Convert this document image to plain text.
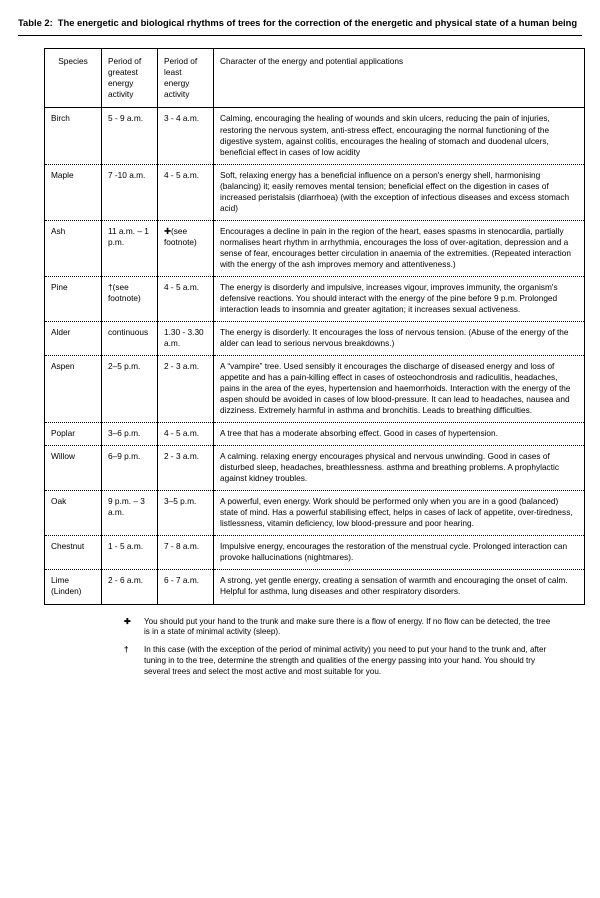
Table 2: The energetic and biological rhythms of trees for the correction of the energetic and physical state of a human being
Species	Period of greatest energy activity	Period of least energy activity	Character of the energy and potential applications
Birch	5 - 9 a.m.	3 - 4 a.m.	Calming, encouraging the healing of wounds and skin ulcers, reducing the pain of injuries, restoring the nervous system, anti-stress effect, encouraging the normal functioning of the digestive system, against colitis, encourages the healing of stomach and duodenal ulcers, beneficial effect in cases of low acidity
Maple	7 -10 a.m.	4 - 5 a.m.	Soft, relaxing energy has a beneficial influence on a person's energy shell, harmonising (balancing) it; easily removes mental tension; beneficial effect on the digestion in cases of increased peristalsis (diarrhoea) (with the exception of infectious diseases and excess stomach acid)
Ash	11 a.m. – 1 p.m.	✚(see footnote)	Encourages a decline in pain in the region of the heart, eases spasms in stenocardia, partially normalises heart rhythm in arrhythmia, encourages the loss of over-agitation, depression and a sense of fear, encourages better circulation in anaemia of the extremities. (Repeated interaction with the energy of the ash improves memory and attentiveness.)
Pine	†(see footnote)	4 - 5 a.m.	The energy is disorderly and impulsive, increases vigour, improves immunity, the organism's defensive reactions. You should interact with the energy of the pine before 9 p.m. Prolonged interaction leads to insomnia and greater agitation; it increases sexual activeness.
Alder	continuous	1.30 - 3.30 a.m.	The energy is disorderly. It encourages the loss of nervous tension. (Abuse of the energy of the alder can lead to serious nervous breakdowns.)
Aspen	2–5 p.m.	2 - 3 a.m.	A “vampire” tree. Used sensibly it encourages the discharge of diseased energy and loss of appetite and has a pain-killing effect in cases of osteochondrosis and radiculitis, headaches, pains in the area of the eyes, hypertension and haemorrhoids. Interaction with the energy of the aspen should be avoided in cases of low blood-pressure. It can lead to headaches, nausea and dizziness. Extremely harmful in asthma and bronchitis. Leads to breathing difficulties.
Poplar	3–6 p.m.	4 - 5 a.m.	A tree that has a moderate absorbing effect. Good in cases of hypertension.
Willow	6–9 p.m.	2 - 3 a.m.	A calming. relaxing energy encourages physical and nervous unwinding. Good in cases of disturbed sleep, headaches, breathlessness. asthma and breathing problems. A prophylactic against kidney troubles.
Oak	9 p.m. – 3 a.m.	3–5 p.m.	A powerful, even energy. Work should be performed only when you are in a good (balanced) state of mind. Has a powerful stabilising effect, helps in cases of lack of appetite, over-tiredness, listlessness, vitamin deficiency, low blood-pressure and poor hearing.
Chestnut	1 - 5 a.m.	7 - 8 a.m.	Impulsive energy, encourages the restoration of the menstrual cycle. Prolonged interaction can provoke hallucinations (nightmares).
Lime (Linden)	2 - 6 a.m.	6 - 7 a.m.	A strong, yet gentle energy, creating a sensation of warmth and encouraging the onset of calm. Helpful for asthma, lung diseases and other respiratory disorders.
✚	You should put your hand to the trunk and make sure there is a flow of energy. If no flow can be detected, the tree is in a state of minimal activity (sleep).
†	In this case (with the exception of the period of minimal activity) you need to put your hand to the trunk and, after tuning in to the tree, determine the strength and qualities of the energy passing into your hand. You should try several trees and select the most active and most suitable for you.
